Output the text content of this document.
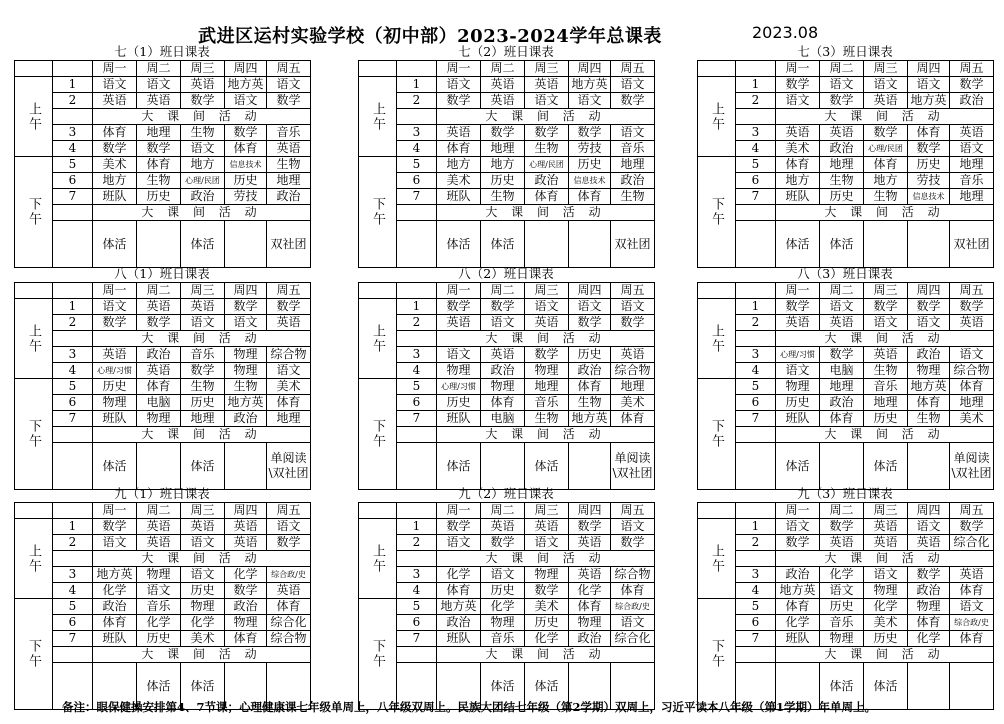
武进区运村实验学校（初中部）2023-2024学年总课表	2023.08
七（1）班日课表
		周一	周二	周三	周四	周五
上午	1	语文	语文	英语	地方英	语文
	2	英语	英语	数学	语文	数学
		大 课 间 活 动				
	3	体育	地理	生物	数学	音乐
	4	数学	数学	语文	体育	英语
下午	5	美术	体育	地方	信息技术	生物
	6	地方	生物	心理/民团	历史	地理
	7	班队	历史	政治	劳技	政治
		大 课 间 活 动				
		体活		体活		双社团
七（2）班日课表
		周一	周二	周三	周四	周五
上午	1	语文	英语	英语	地方英	语文
	2	数学	英语	语文	语文	数学
		大 课 间 活 动				
	3	英语	数学	数学	数学	语文
	4	体育	地理	生物	劳技	音乐
下午	5	地方	地方	心理/民团	历史	地理
	6	美术	历史	政治	信息技术	政治
	7	班队	生物	体育	体育	生物
		大 课 间 活 动				
		体活	体活			双社团
七（3）班日课表
		周一	周二	周三	周四	周五
上午	1	数学	语文	语文	语文	数学
	2	语文	数学	英语	地方英	政治
		大 课 间 活 动				
	3	英语	英语	数学	体育	英语
	4	美术	政治	心理/民团	数学	语文
下午	5	体育	地理	体育	历史	地理
	6	地方	生物	地方	劳技	音乐
	7	班队	历史	生物	信息技术	地理
		大 课 间 活 动				
		体活	体活			双社团
八（1）班日课表
		周一	周二	周三	周四	周五
上午	1	语文	英语	英语	数学	数学
	2	数学	数学	语文	语文	英语
		大 课 间 活 动				
	3	英语	政治	音乐	物理	综合物
	4	心理/习惯	英语	数学	物理	语文
下午	5	历史	体育	生物	生物	美术
	6	物理	电脑	历史	地方英	体育
	7	班队	物理	地理	政治	地理
		大 课 间 活 动				
		体活		体活		单阅读\双社团
八（2）班日课表
		周一	周二	周三	周四	周五
上午	1	数学	数学	语文	语文	语文
	2	英语	语文	英语	数学	数学
		大 课 间 活 动				
	3	语文	英语	数学	历史	英语
	4	物理	政治	物理	政治	综合物
下午	5	心理/习惯	物理	地理	体育	地理
	6	历史	体育	音乐	生物	美术
	7	班队	电脑	生物	地方英	体育
		大 课 间 活 动				
		体活		体活		单阅读\双社团
八（3）班日课表
		周一	周二	周三	周四	周五
上午	1	数学	语文	数学	数学	数学
	2	英语	英语	语文	语文	英语
		大 课 间 活 动				
	3	心理/习惯	数学	英语	政治	语文
	4	语文	电脑	生物	物理	综合物
下午	5	物理	地理	音乐	地方英	体育
	6	历史	政治	地理	体育	地理
	7	班队	体育	历史	生物	美术
		大 课 间 活 动				
		体活		体活		单阅读\双社团
九（1）班日课表
		周一	周二	周三	周四	周五
上午	1	数学	英语	英语	英语	语文
	2	语文	英语	语文	英语	数学
		大 课 间 活 动				
	3	地方英	物理	语文	化学	综合政/史
	4	化学	语文	历史	数学	英语
下午	5	政治	音乐	物理	政治	体育
	6	体育	化学	化学	物理	综合化
	7	班队	历史	美术	体育	综合物
		大 课 间 活 动				
			体活	体活		
九（2）班日课表
		周一	周二	周三	周四	周五
上午	1	数学	英语	英语	数学	语文
	2	语文	数学	语文	英语	数学
		大 课 间 活 动				
	3	化学	语文	物理	英语	综合物
	4	体育	历史	数学	化学	体育
下午	5	地方英	化学	美术	体育	综合政/史
	6	政治	物理	历史	物理	语文
	7	班队	音乐	化学	政治	综合化
		大 课 间 活 动				
			体活	体活		
九（3）班日课表
		周一	周二	周三	周四	周五
上午	1	语文	数学	英语	语文	数学
	2	数学	英语	英语	英语	综合化
		大 课 间 活 动				
	3	政治	化学	语文	数学	英语
	4	地方英	语文	物理	政治	体育
下午	5	体育	历史	化学	物理	语文
	6	化学	音乐	美术	体育	综合政/史
	7	班队	物理	历史	化学	体育
		大 课 间 活 动				
			体活	体活		
备注：眼保健操安排第4、7节课；心理健康课七年级单周上，八年级双周上。民族大团结七年级（第2学期）双周上，习近平读本八年级（第1学期）年单周上。
